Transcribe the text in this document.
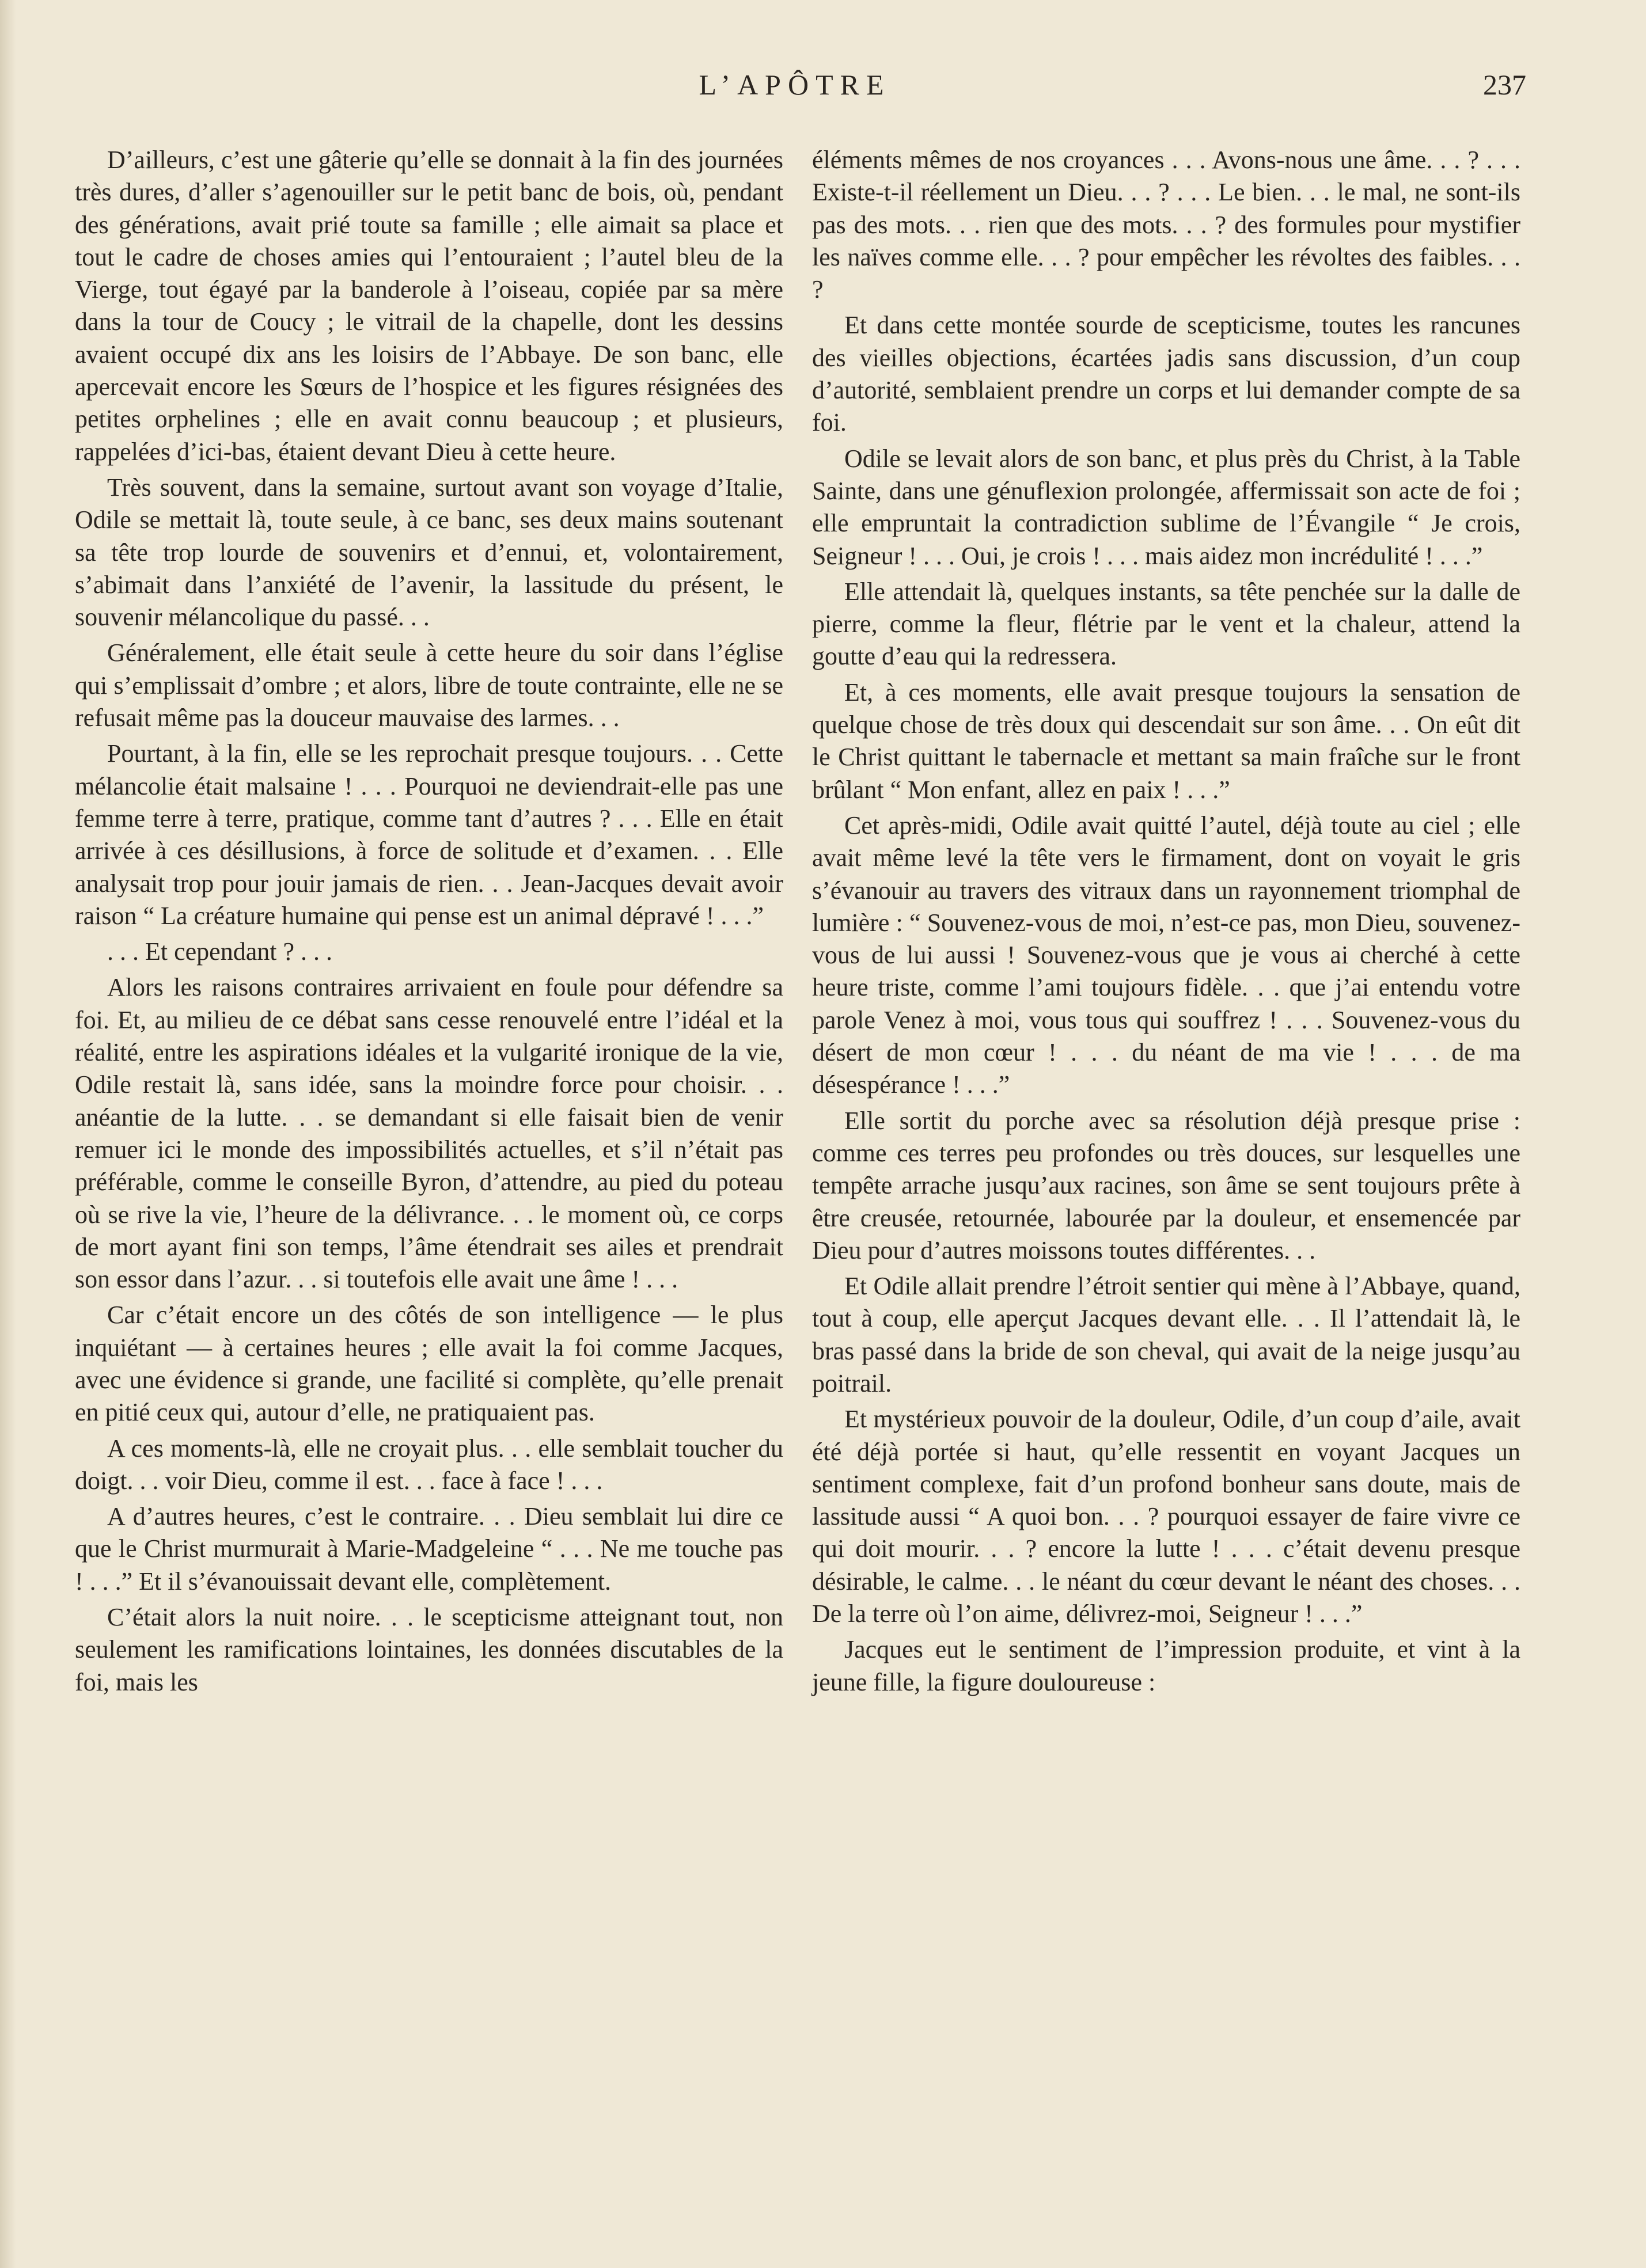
L’APÔTRE	237

D’ailleurs, c’est une gâterie qu’elle se donnait à la fin des journées très dures, d’aller s’agenouiller sur le petit banc de bois, où, pendant des générations, avait prié toute sa famille ; elle aimait sa place et tout le cadre de choses amies qui l’entouraient ; l’autel bleu de la Vierge, tout égayé par la banderole à l’oiseau, copiée par sa mère dans la tour de Coucy ; le vitrail de la chapelle, dont les dessins avaient occupé dix ans les loisirs de l’Abbaye. De son banc, elle apercevait encore les Sœurs de l’hospice et les figures résignées des petites orphelines ; elle en avait connu beaucoup ; et plusieurs, rappelées d’ici-bas, étaient devant Dieu à cette heure.

Très souvent, dans la semaine, surtout avant son voyage d’Italie, Odile se mettait là, toute seule, à ce banc, ses deux mains soutenant sa tête trop lourde de souvenirs et d’ennui, et, volontairement, s’abimait dans l’anxiété de l’avenir, la lassitude du présent, le souvenir mélancolique du passé. . .

Généralement, elle était seule à cette heure du soir dans l’église qui s’emplissait d’ombre ; et alors, libre de toute contrainte, elle ne se refusait même pas la douceur mauvaise des larmes. . .

Pourtant, à la fin, elle se les reprochait presque toujours. . . Cette mélancolie était malsaine ! . . . Pourquoi ne deviendrait-elle pas une femme terre à terre, pratique, comme tant d’autres ? . . . Elle en était arrivée à ces désillusions, à force de solitude et d’examen. . . Elle analysait trop pour jouir jamais de rien. . . Jean-Jacques devait avoir raison “ La créature humaine qui pense est un animal dépravé ! . . .”

. . . Et cependant ? . . .

Alors les raisons contraires arrivaient en foule pour défendre sa foi. Et, au milieu de ce débat sans cesse renouvelé entre l’idéal et la réalité, entre les aspirations idéales et la vulgarité ironique de la vie, Odile restait là, sans idée, sans la moindre force pour choisir. . . anéantie de la lutte. . . se demandant si elle faisait bien de venir remuer ici le monde des impossibilités actuelles, et s’il n’était pas préférable, comme le conseille Byron, d’attendre, au pied du poteau où se rive la vie, l’heure de la délivrance. . . le moment où, ce corps de mort ayant fini son temps, l’âme étendrait ses ailes et prendrait son essor dans l’azur. . . si toutefois elle avait une âme ! . . .

Car c’était encore un des côtés de son intelligence — le plus inquiétant — à certaines heures ; elle avait la foi comme Jacques, avec une évidence si grande, une facilité si complète, qu’elle prenait en pitié ceux qui, autour d’elle, ne pratiquaient pas.

A ces moments-là, elle ne croyait plus. . . elle semblait toucher du doigt. . . voir Dieu, comme il est. . . face à face ! . . .

A d’autres heures, c’est le contraire. . . Dieu semblait lui dire ce que le Christ murmurait à Marie-Madgeleine “ . . . Ne me touche pas ! . . .” Et il s’évanouissait devant elle, complètement.

C’était alors la nuit noire. . . le scepticisme atteignant tout, non seulement les ramifications lointaines, les données discutables de la foi, mais les

éléments mêmes de nos croyances . . . Avons-nous une âme. . . ? . . . Existe-t-il réellement un Dieu. . . ? . . . Le bien. . . le mal, ne sont-ils pas des mots. . . rien que des mots. . . ? des formules pour mystifier les naïves comme elle. . . ? pour empêcher les révoltes des faibles. . . ?

Et dans cette montée sourde de scepticisme, toutes les rancunes des vieilles objections, écartées jadis sans discussion, d’un coup d’autorité, semblaient prendre un corps et lui demander compte de sa foi.

Odile se levait alors de son banc, et plus près du Christ, à la Table Sainte, dans une génuflexion prolongée, affermissait son acte de foi ; elle empruntait la contradiction sublime de l’Évangile “ Je crois, Seigneur ! . . . Oui, je crois ! . . . mais aidez mon incrédulité ! . . .”

Elle attendait là, quelques instants, sa tête penchée sur la dalle de pierre, comme la fleur, flétrie par le vent et la chaleur, attend la goutte d’eau qui la redressera.

Et, à ces moments, elle avait presque toujours la sensation de quelque chose de très doux qui descendait sur son âme. . . On eût dit le Christ quittant le tabernacle et mettant sa main fraîche sur le front brûlant “ Mon enfant, allez en paix ! . . .”

Cet après-midi, Odile avait quitté l’autel, déjà toute au ciel ; elle avait même levé la tête vers le firmament, dont on voyait le gris s’évanouir au travers des vitraux dans un rayonnement triomphal de lumière : “ Souvenez-vous de moi, n’est-ce pas, mon Dieu, souvenez-vous de lui aussi ! Souvenez-vous que je vous ai cherché à cette heure triste, comme l’ami toujours fidèle. . . que j’ai entendu votre parole Venez à moi, vous tous qui souffrez ! . . . Souvenez-vous du désert de mon cœur ! . . . du néant de ma vie ! . . . de ma désespérance ! . . .”

Elle sortit du porche avec sa résolution déjà presque prise : comme ces terres peu profondes ou très douces, sur lesquelles une tempête arrache jusqu’aux racines, son âme se sent toujours prête à être creusée, retournée, labourée par la douleur, et ensemencée par Dieu pour d’autres moissons toutes différentes. . .

Et Odile allait prendre l’étroit sentier qui mène à l’Abbaye, quand, tout à coup, elle aperçut Jacques devant elle. . . Il l’attendait là, le bras passé dans la bride de son cheval, qui avait de la neige jusqu’au poitrail.

Et mystérieux pouvoir de la douleur, Odile, d’un coup d’aile, avait été déjà portée si haut, qu’elle ressentit en voyant Jacques un sentiment complexe, fait d’un profond bonheur sans doute, mais de lassitude aussi “ A quoi bon. . . ? pourquoi essayer de faire vivre ce qui doit mourir. . . ? encore la lutte ! . . . c’était devenu presque désirable, le calme. . . le néant du cœur devant le néant des choses. . . De la terre où l’on aime, délivrez-moi, Seigneur ! . . .”

Jacques eut le sentiment de l’impression produite, et vint à la jeune fille, la figure douloureuse :
